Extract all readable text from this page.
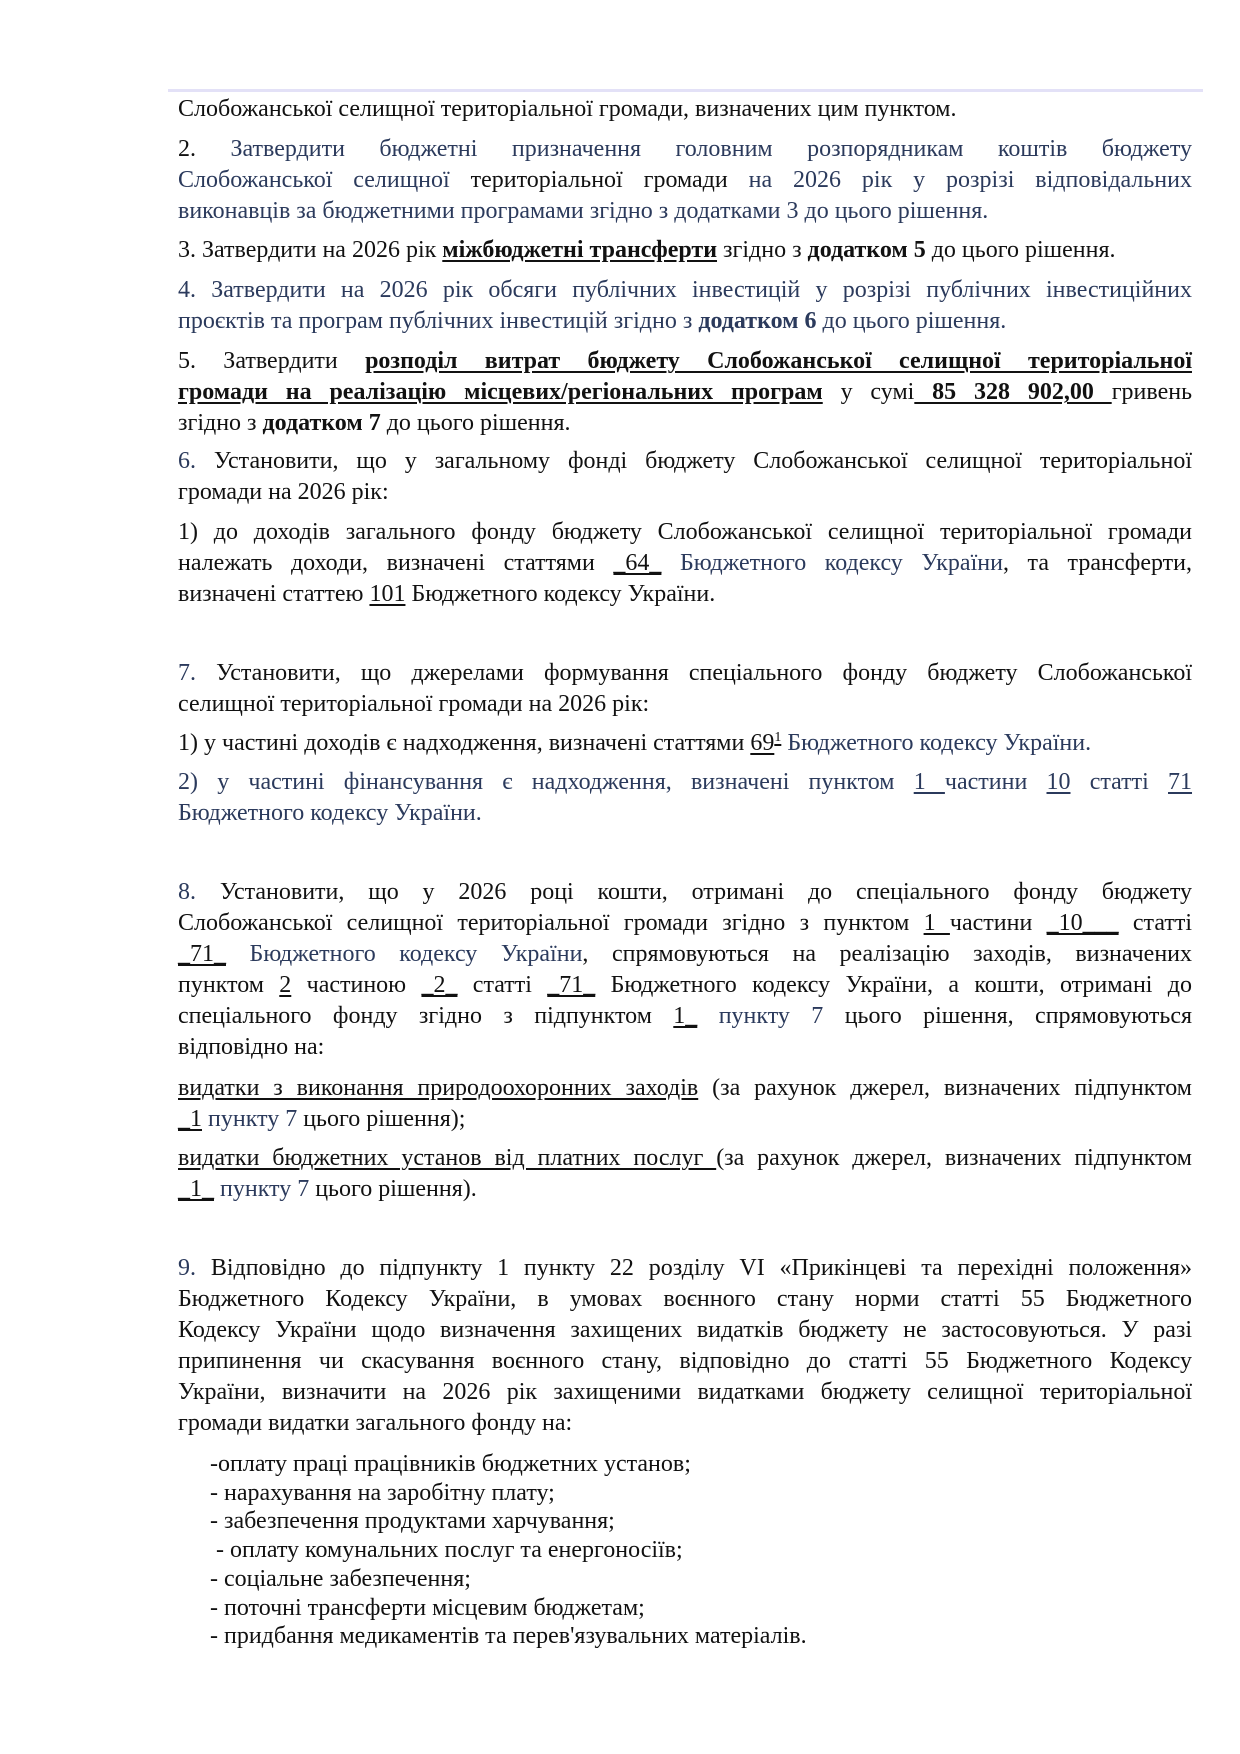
Слобожанської селищної територіальної громади, визначених цим пунктом.
2. Затвердити бюджетні призначення головним розпорядникам коштів бюджету
Слобожанської селищної територіальної громади на 2026 рік у розрізі відповідальних
виконавців за бюджетними програмами згідно з додатками 3 до цього рішення.
3. Затвердити на 2026 рік міжбюджетні трансферти згідно з додатком 5 до цього рішення.
4. Затвердити на 2026 рік обсяги публічних інвестицій у розрізі публічних інвестиційних
проєктів та програм публічних інвестицій згідно з додатком 6 до цього рішення.
5. Затвердити розподіл витрат бюджету Слобожанської селищної територіальної
громади на реалізацію місцевих/регіональних програм у сумі 85 328 902,00 гривень
згідно з додатком 7 до цього рішення.
6. Установити, що у загальному фонді бюджету Слобожанської селищної територіальної
громади на 2026 рік:
1) до доходів загального фонду бюджету Слобожанської селищної територіальної громади
належать доходи, визначені статтями _64_ Бюджетного кодексу України, та трансферти,
визначені статтею 101 Бюджетного кодексу України.
7. Установити, що джерелами формування спеціального фонду бюджету Слобожанської
селищної територіальної громади на 2026 рік:
1) у частині доходів є надходження, визначені статтями $69^1$ Бюджетного кодексу України.
2) у частині фінансування є надходження, визначені пунктом 1 частини 10 статті 71
Бюджетного кодексу України.
8. Установити, що у 2026 році кошти, отримані до спеціального фонду бюджету
Слобожанської селищної територіальної громади згідно з пунктом 1 частини _10___ статті
_71_ Бюджетного кодексу України, спрямовуються на реалізацію заходів, визначених
пунктом 2 частиною _2_ статті _71_ Бюджетного кодексу України, а кошти, отримані до
спеціального фонду згідно з підпунктом 1_ пункту 7 цього рішення, спрямовуються
відповідно на:
видатки з виконання природоохоронних заходів (за рахунок джерел, визначених підпунктом
_1 пункту 7 цього рішення);
видатки бюджетних установ від платних послуг (за рахунок джерел, визначених підпунктом
_1_ пункту 7 цього рішення).
9. Відповідно до підпункту 1 пункту 22 розділу VI «Прикінцеві та перехідні положення»
Бюджетного Кодексу України, в умовах воєнного стану норми статті 55 Бюджетного
Кодексу України щодо визначення захищених видатків бюджету не застосовуються. У разі
припинення чи скасування воєнного стану, відповідно до статті 55 Бюджетного Кодексу
України, визначити на 2026 рік захищеними видатками бюджету селищної територіальної
громади видатки загального фонду на:
-оплату праці працівників бюджетних установ;
- нарахування на заробітну плату;
- забезпечення продуктами харчування;
- оплату комунальних послуг та енергоносіїв;
- соціальне забезпечення;
- поточні трансферти місцевим бюджетам;
- придбання медикаментів та перев'язувальних матеріалів.
